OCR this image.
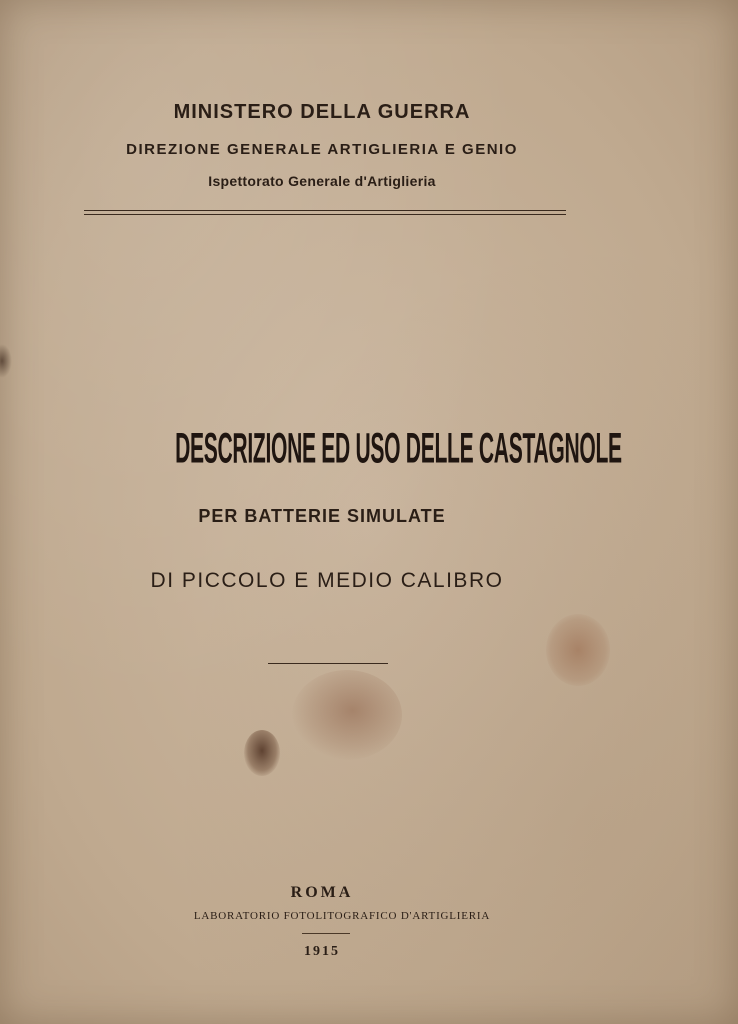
MINISTERO DELLA GUERRA
DIREZIONE GENERALE ARTIGLIERIA E GENIO
Ispettorato Generale d'Artiglieria
DESCRIZIONE ED USO DELLE CASTAGNOLE
PER BATTERIE SIMULATE
DI PICCOLO E MEDIO CALIBRO
ROMA
LABORATORIO FOTOLITOGRAFICO D'ARTIGLIERIA
1915
